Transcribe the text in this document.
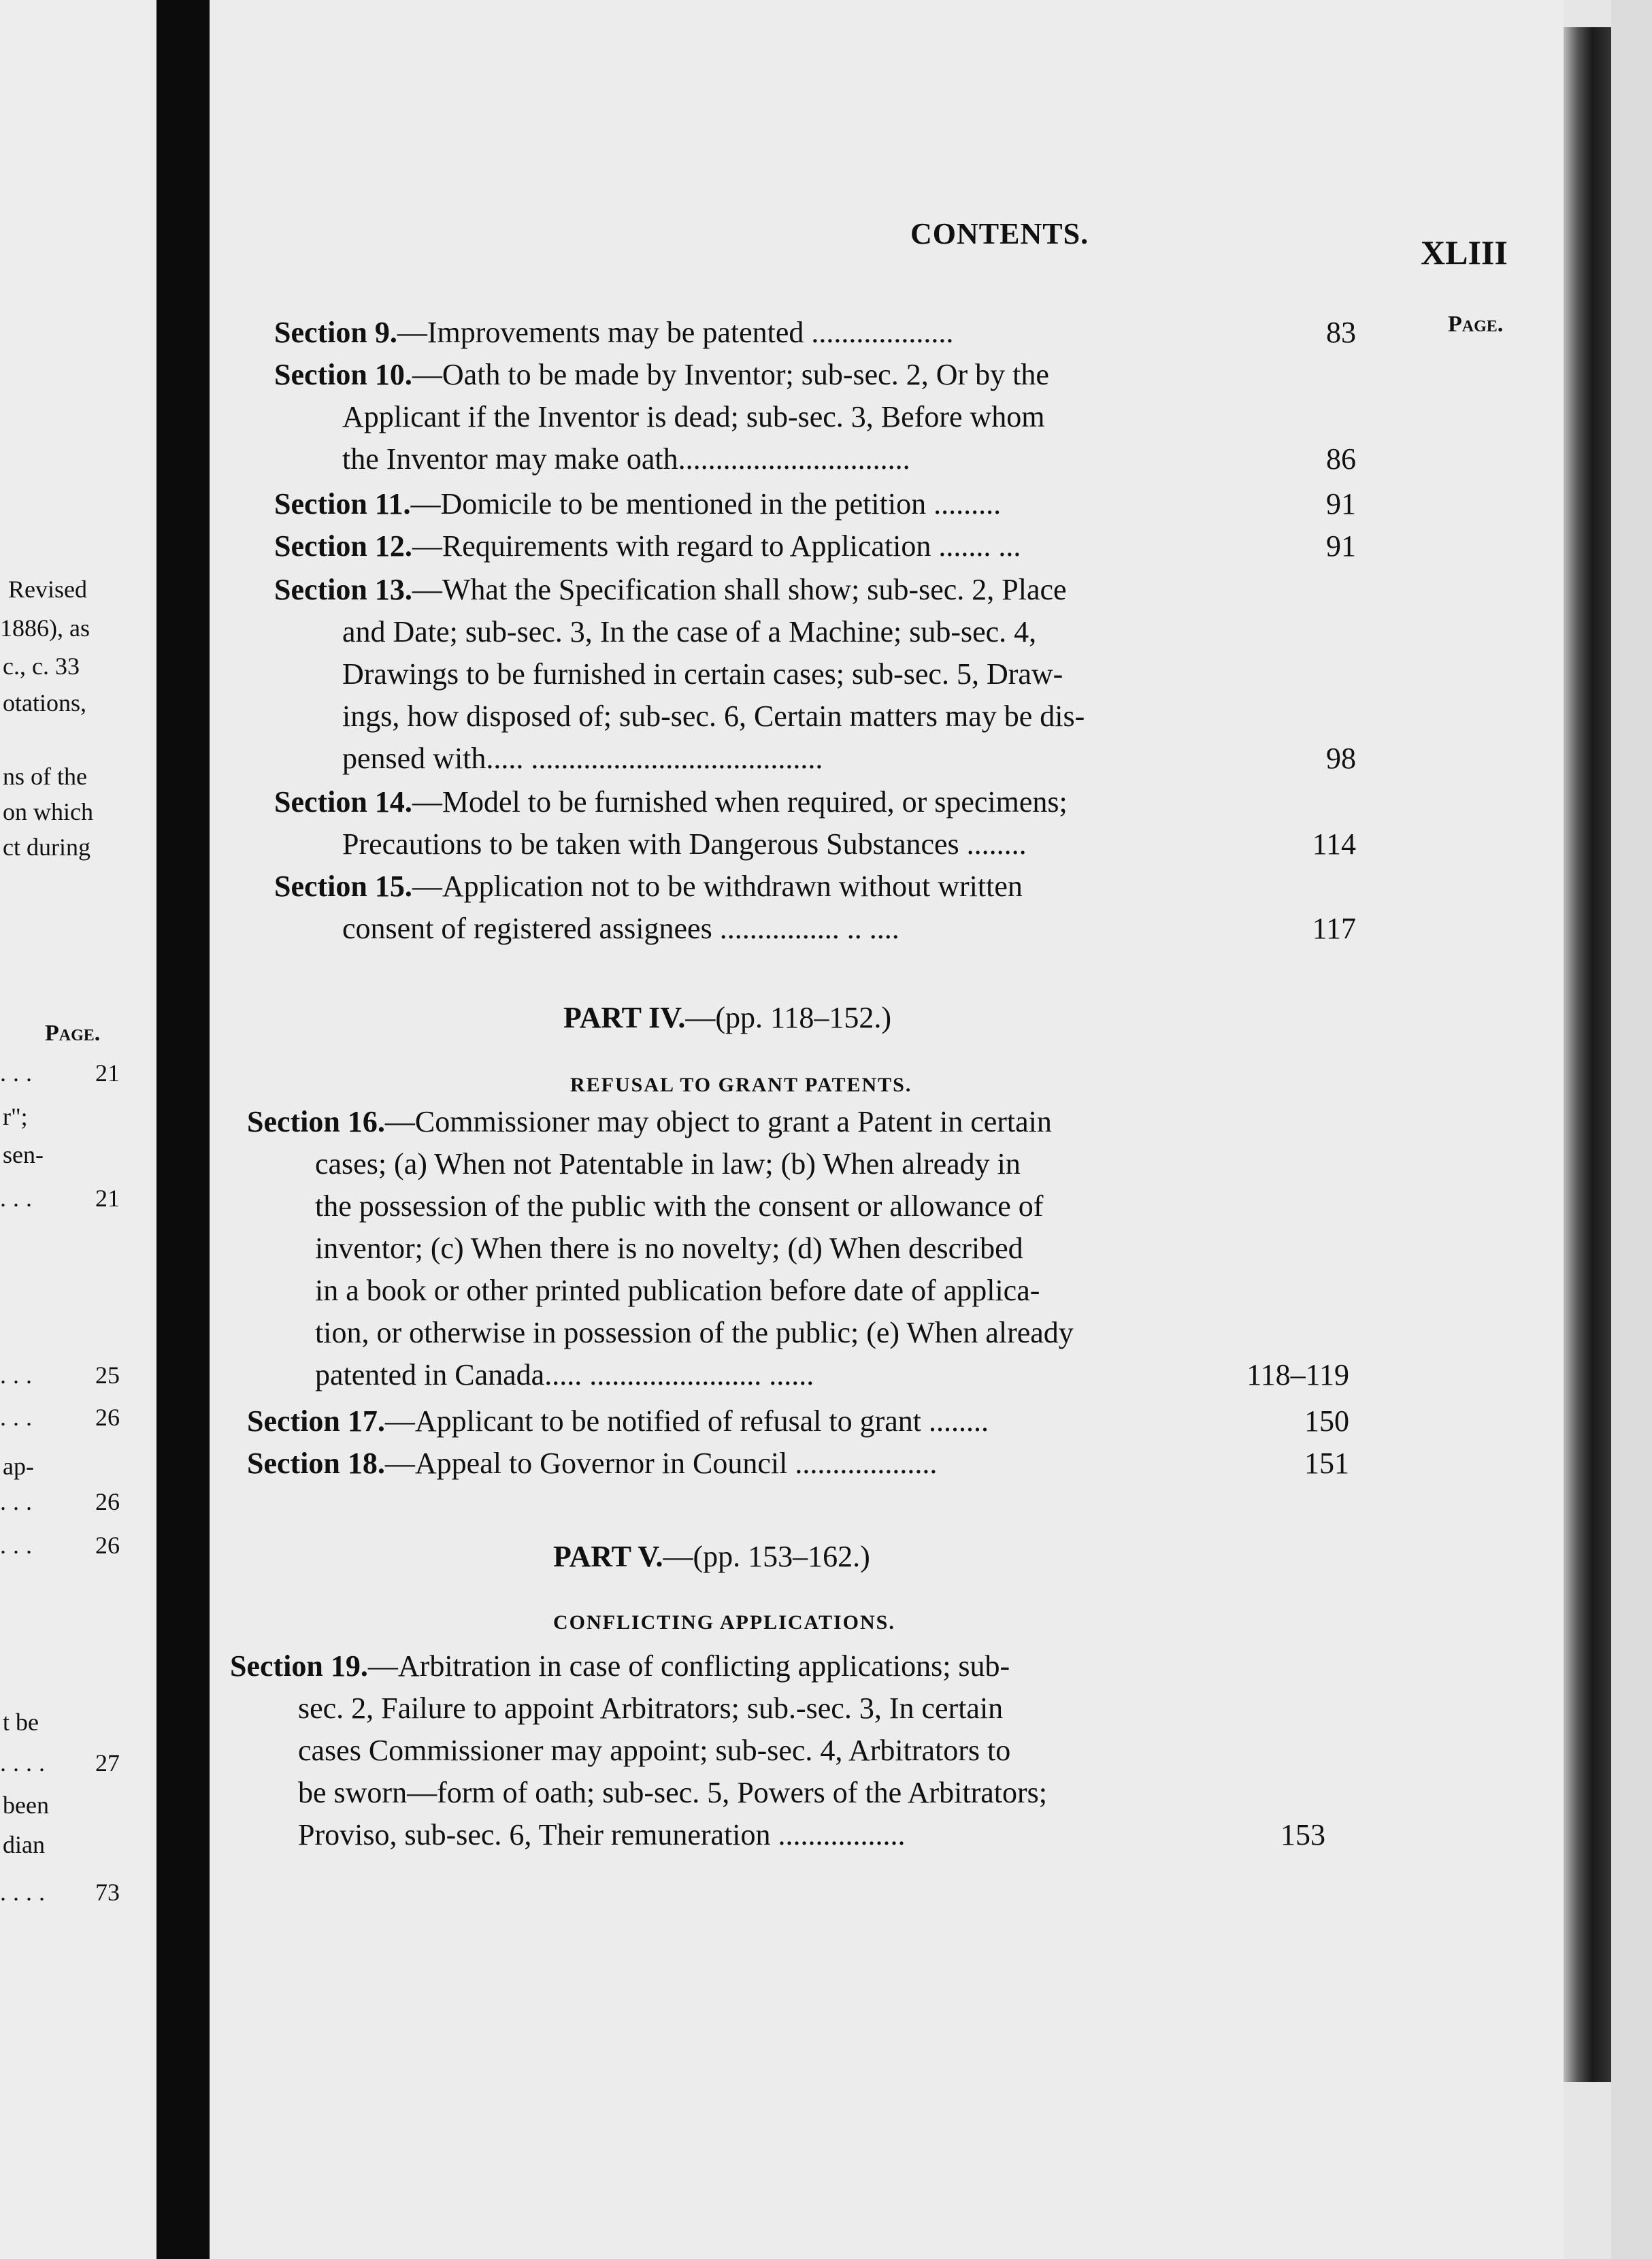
Revised
1886), as
c., c. 33
otations,
ns of the
on which
ct during
Page.
... 21
r";
sen-
... 21
... 25
... 26
ap-
... 26
... 26
t be
.... 27
been
dian
.... 73
CONTENTS.	XLIII
Page.
Section 9.—Improvements may be patented ...................	83
Section 10.—Oath to be made by Inventor; sub-sec. 2, Or by the
Applicant if the Inventor is dead; sub-sec. 3, Before whom
the Inventor may make oath...............................	86
Section 11.—Domicile to be mentioned in the petition .........	91
Section 12.—Requirements with regard to Application ....... ...	91
Section 13.—What the Specification shall show; sub-sec. 2, Place
and Date; sub-sec. 3, In the case of a Machine; sub-sec. 4,
Drawings to be furnished in certain cases; sub-sec. 5, Draw-
ings, how disposed of; sub-sec. 6, Certain matters may be dis-
pensed with..... .......................................	98
Section 14.—Model to be furnished when required, or specimens;
Precautions to be taken with Dangerous Substances ........	114
Section 15.—Application not to be withdrawn without written
consent of registered assignees ................ .. ....	117
PART IV.—(pp. 118–152.)
REFUSAL TO GRANT PATENTS.
Section 16.—Commissioner may object to grant a Patent in certain
cases; (a) When not Patentable in law; (b) When already in
the possession of the public with the consent or allowance of
inventor; (c) When there is no novelty; (d) When described
in a book or other printed publication before date of applica-
tion, or otherwise in possession of the public; (e) When already
patented in Canada..... ....................... ......	118–119
Section 17.—Applicant to be notified of refusal to grant ........	150
Section 18.—Appeal to Governor in Council ...................	151
PART V.—(pp. 153–162.)
CONFLICTING APPLICATIONS.
Section 19.—Arbitration in case of conflicting applications; sub-
sec. 2, Failure to appoint Arbitrators; sub.-sec. 3, In certain
cases Commissioner may appoint; sub-sec. 4, Arbitrators to
be sworn—form of oath; sub-sec. 5, Powers of the Arbitrators;
Proviso, sub-sec. 6, Their remuneration .................	153
